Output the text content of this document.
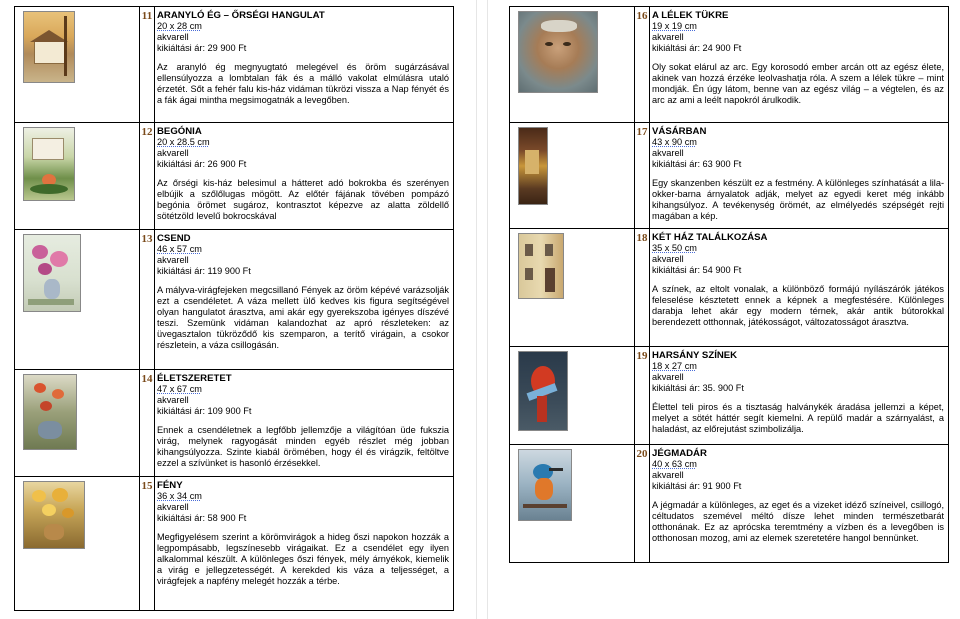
	11	ARANYLÓ ÉG – ŐRSÉGI HANGULAT
20 x 28 cm
akvarell
kikiáltási ár: 29 900 Ft
Az aranyló ég megnyugtató melegével és öröm sugárzásával ellensúlyozza a lombtalan fák és a málló vakolat elmúlásra utaló érzetét. Sőt a fehér falu kis-ház vidáman tükrözi vissza a Nap fényét és a fák ágai mintha megsimogatnák a levegőben.

	12	BEGÓNIA
20 x 28.5 cm
akvarell
kikiáltási ár: 26 900 Ft
Az őrségi kis-ház belesimul a hátteret adó bokrokba és szerényen elbújik a szőlőlugas mögött. Az előtér fájának tövében pompázó begónia örömet sugároz, kontrasztot képezve az alatta zöldellő sötétzöld levelű bokrocskával

	13	CSEND
46 x 57 cm
akvarell
kikiáltási ár: 119 900 Ft
A mályva-virágfejeken megcsillanó Fények az öröm képévé varázsolják ezt a csendéletet. A váza mellett ülő kedves kis figura segítségével olyan hangulatot árasztva, ami akár egy gyerekszoba igényes díszévé teszi. Szemünk vidáman kalandozhat az apró részleteken: az üvegasztalon tükröződő kis szemparon, a terítő virágain, a csokor részletein, a váza csillogásán.

	14	ÉLETSZERETET
47 x 67 cm
akvarell
kikiáltási ár: 109 900 Ft
Ennek a csendéletnek a legfőbb jellemzője a világítóan üde fukszia virág, melynek ragyogását minden egyéb részlet még jobban kihangsúlyozza. Szinte kiabál örömében, hogy él és virágzik, feltöltve ezzel a szívünket is hasonló érzésekkel.

	15	FÉNY
36 x 34 cm
akvarell
kikiáltási ár: 58 900 Ft
Megfigyelésem szerint a körömvirágok a hideg őszi napokon hozzák a legpompásabb, legszínesebb virágaikat. Ez a csendélet egy ilyen alkalommal készült. A különleges őszi fények, mély árnyékok, kiemelik a virág e jellegzetességét. A kerekded kis váza a teljességet, a virágfejek a napfény melegét hozzák a térbe.
	16	A LÉLEK TÜKRE
19 x 19 cm
akvarell
kikiáltási ár: 24 900 Ft
Oly sokat elárul az arc. Egy korosodó ember arcán ott az egész élete, akinek van hozzá érzéke leolvashatja róla. A szem a lélek tükre – mint mondják. Én úgy látom, benne van az egész világ – a végtelen, és az arc az ami a leélt napokról árulkodik.

	17	VÁSÁRBAN
43 x 90 cm
akvarell
kikiáltási ár: 63 900 Ft
Egy skanzenben készült ez a festmény. A különleges színhatását a lila-okker-barna árnyalatok adják, melyet az egyedi keret még inkább kihangsúlyoz. A tevékenység örömét, az elmélyedés szépségét rejti magában a kép.

	18	KÉT HÁZ TALÁLKOZÁSA
35 x 50 cm
akvarell
kikiáltási ár: 54 900 Ft
A színek, az eltolt vonalak, a különböző formájú nyílászárók játékos feleselése késztetett ennek a képnek a megfestésére. Különleges darabja lehet akár egy modern térnek, akár antik bútorokkal berendezett otthonnak, játékosságot, változatosságot árasztva.

	19	HARSÁNY SZÍNEK
18 x 27 cm
akvarell
kikiáltási ár: 35. 900 Ft
Élettel teli piros és a tisztaság halványkék áradása jellemzi a képet, melyet a sötét háttér segít kiemelni. A repülő madár a szárnyalást, a haladást, az előrejutást szimbolizálja.

	20	JÉGMADÁR
40 x 63 cm
akvarell
kikiáltási ár: 91 900 Ft
A jégmadár a különleges, az eget és a vizeket idéző színeivel, csillogó, céltudatos szemével méltó dísze lehet minden természetbarát otthonának. Ez az aprócska teremtmény a vízben és a levegőben is otthonosan mozog, ami az elemek szeretetére hangol bennünket.
